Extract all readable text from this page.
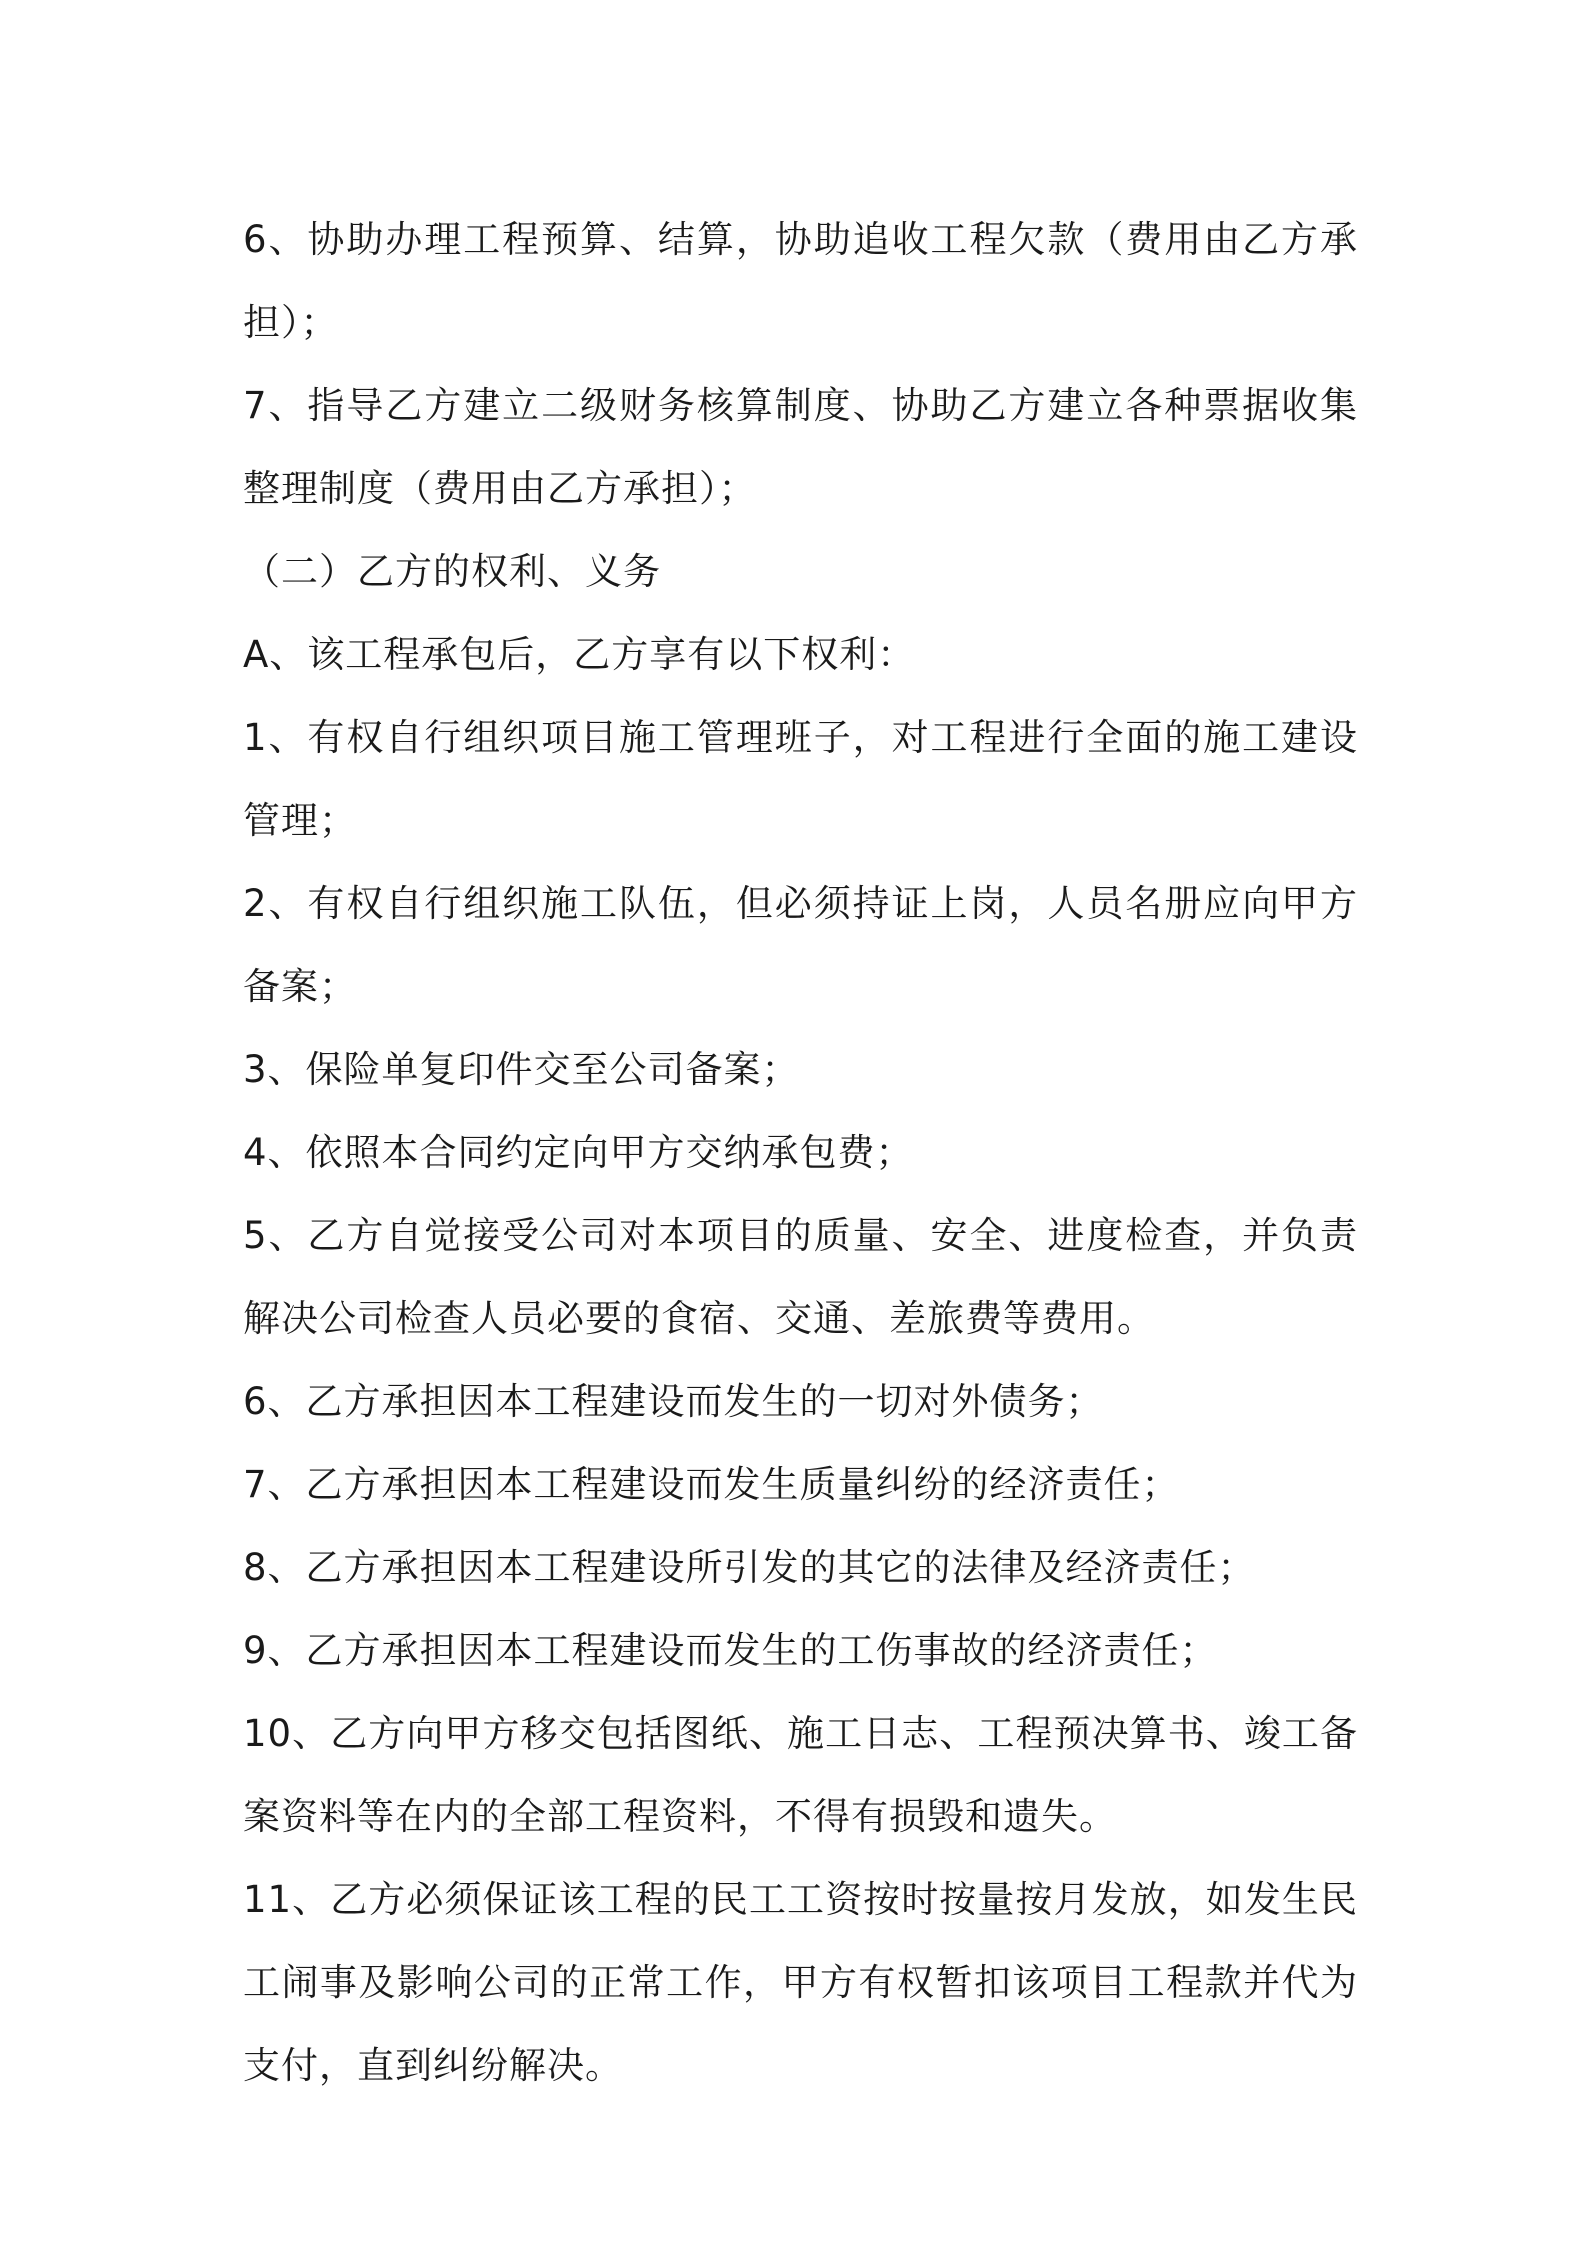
6、协助办理工程预算、结算，协助追收工程欠款（费用由乙方承担）；

7、指导乙方建立二级财务核算制度、协助乙方建立各种票据收集整理制度（费用由乙方承担）；

（二）乙方的权利、义务

A、该工程承包后，乙方享有以下权利：

1、有权自行组织项目施工管理班子，对工程进行全面的施工建设管理；

2、有权自行组织施工队伍，但必须持证上岗，人员名册应向甲方备案；

3、保险单复印件交至公司备案；

4、依照本合同约定向甲方交纳承包费；

5、乙方自觉接受公司对本项目的质量、安全、进度检查，并负责解决公司检查人员必要的食宿、交通、差旅费等费用。

6、乙方承担因本工程建设而发生的一切对外债务；

7、乙方承担因本工程建设而发生质量纠纷的经济责任；

8、乙方承担因本工程建设所引发的其它的法律及经济责任；

9、乙方承担因本工程建设而发生的工伤事故的经济责任；

10、乙方向甲方移交包括图纸、施工日志、工程预决算书、竣工备案资料等在内的全部工程资料，不得有损毁和遗失。

11、乙方必须保证该工程的民工工资按时按量按月发放，如发生民工闹事及影响公司的正常工作，甲方有权暂扣该项目工程款并代为支付，直到纠纷解决。
